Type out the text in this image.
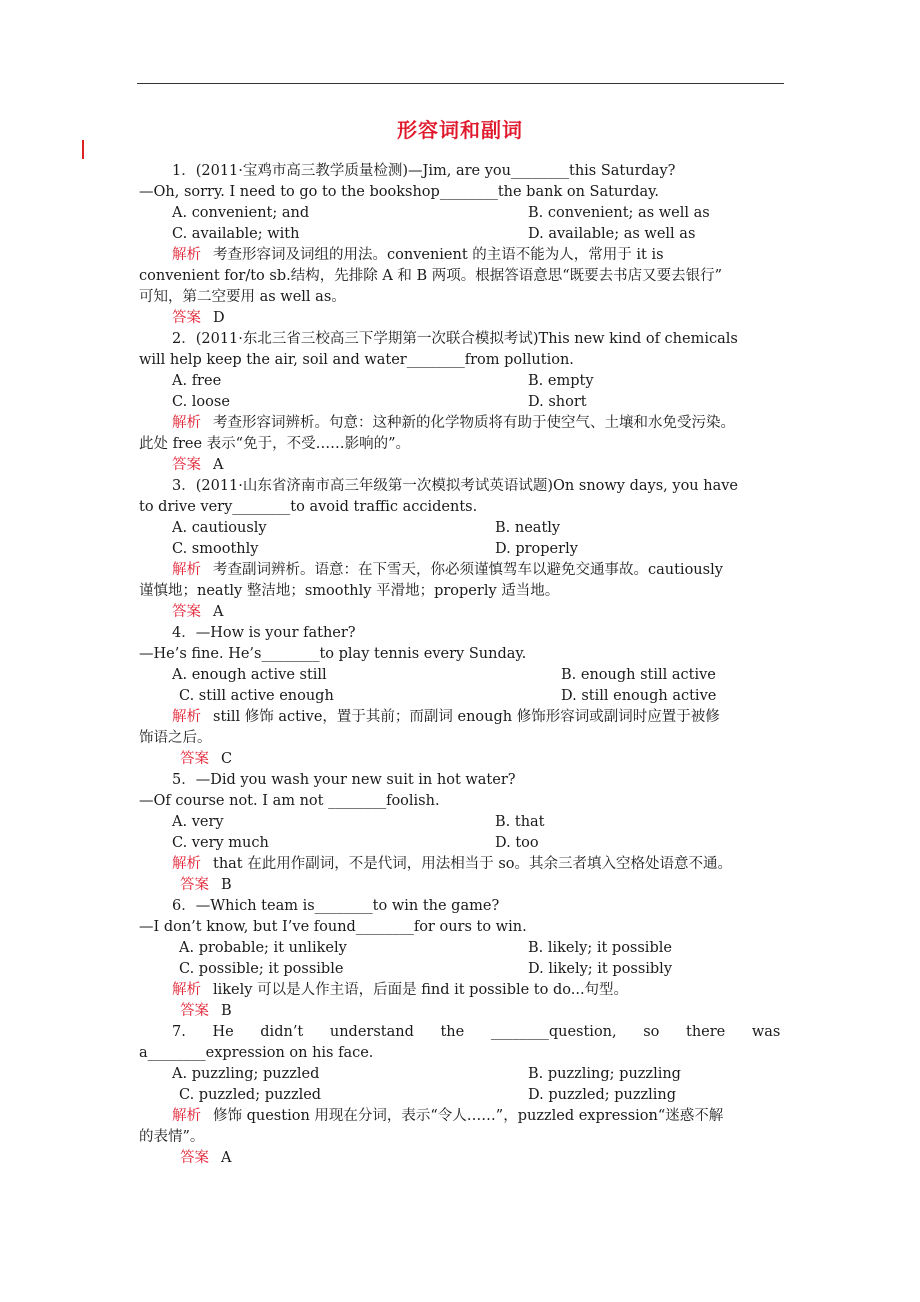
形容词和副词
1．(2011·宝鸡市高三教学质量检测)—Jim, are you________this Saturday?
—Oh, sorry. I need to go to the bookshop________the bank on Saturday.
A. convenient; and	B. convenient; as well as
C. available; with	D. available; as well as
解析 考查形容词及词组的用法。convenient 的主语不能为人，常用于 it is
convenient for/to sb.结构，先排除 A 和 B 两项。根据答语意思“既要去书店又要去银行”
可知，第二空要用 as well as。
答案 D
2．(2011·东北三省三校高三下学期第一次联合模拟考试)This new kind of chemicals
will help keep the air, soil and water________from pollution.
A. free	B. empty
C. loose	D. short
解析 考查形容词辨析。句意：这种新的化学物质将有助于使空气、土壤和水免受污染。
此处 free 表示“免于，不受……影响的”。
答案 A
3．(2011·山东省济南市高三年级第一次模拟考试英语试题)On snowy days, you have
to drive very________to avoid traffic accidents.
A. cautiously	B. neatly
C. smoothly	D. properly
解析 考查副词辨析。语意：在下雪天，你必须谨慎驾车以避免交通事故。cautiously
谨慎地；neatly 整洁地；smoothly 平滑地；properly 适当地。
答案 A
4．—How is your father?
—He’s fine. He’s________to play tennis every Sunday.
A. enough active still	B. enough still active
C. still active enough	D. still enough active
解析 still 修饰 active，置于其前；而副词 enough 修饰形容词或副词时应置于被修
饰语之后。
答案 C
5．—Did you wash your new suit in hot water?
—Of course not. I am not ________foolish.
A. very	B. that
C. very much	D. too
解析 that 在此用作副词，不是代词，用法相当于 so。其余三者填入空格处语意不通。
答案 B
6．—Which team is________to win the game?
—I don’t know, but I’ve found________for ours to win.
A. probable; it unlikely	B. likely; it possible
C. possible; it possible	D. likely; it possibly
解析 likely 可以是人作主语，后面是 find it possible to do...句型。
答案 B
7. He didn’t understand the ________question, so there was
a________expression on his face.
A. puzzling; puzzled	B. puzzling; puzzling
C. puzzled; puzzled	D. puzzled; puzzling
解析 修饰 question 用现在分词，表示“令人……”，puzzled expression“迷惑不解
的表情”。
答案 A
